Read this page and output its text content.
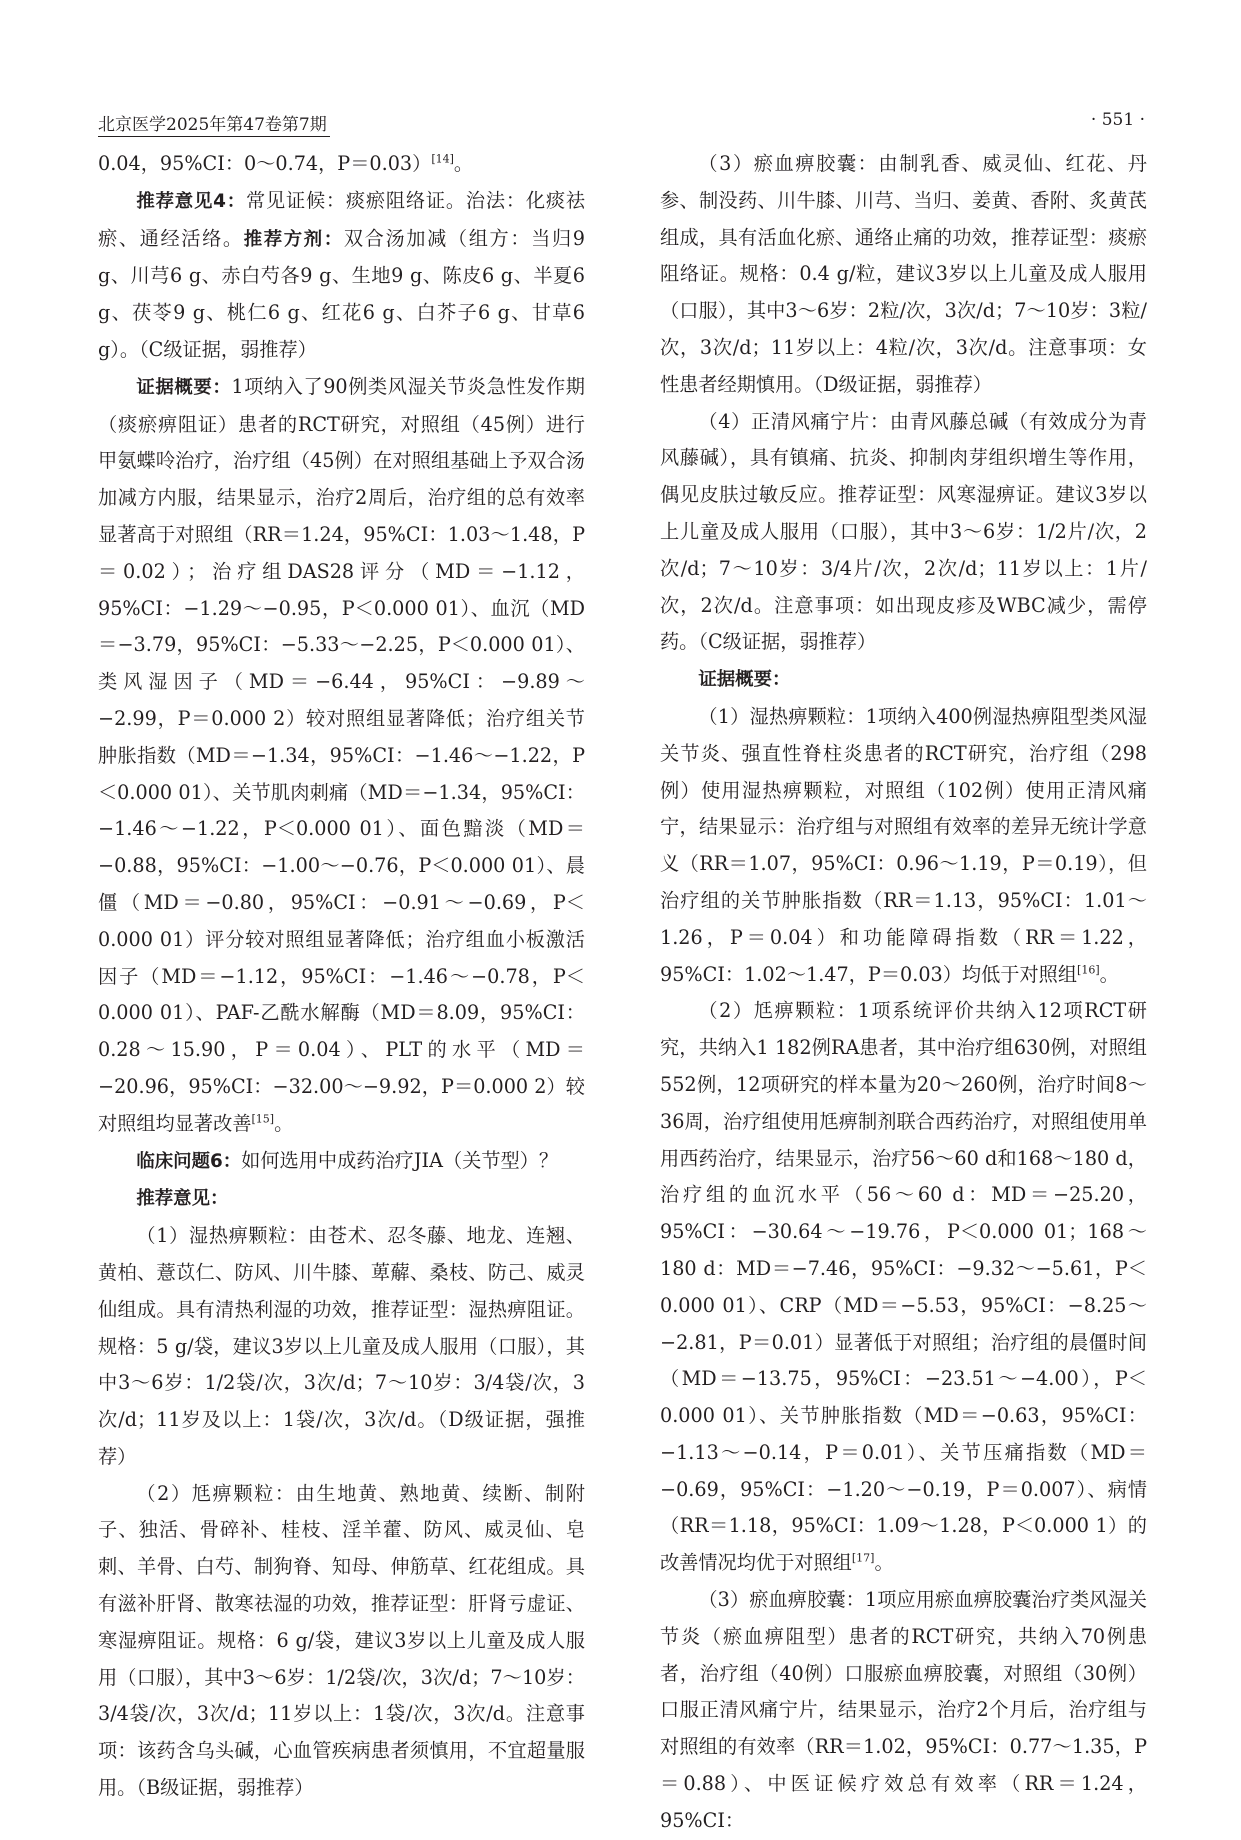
北京医学2025年第47卷第7期	· 551 ·

0.04，95%CI：0～0.74，P＝0.03）[14]。

推荐意见4：常见证候：痰瘀阻络证。治法：化痰祛瘀、通经活络。推荐方剂：双合汤加减（组方：当归9 g、川芎6 g、赤白芍各9 g、生地9 g、陈皮6 g、半夏6 g、茯苓9 g、桃仁6 g、红花6 g、白芥子6 g、甘草6 g）。（C级证据，弱推荐）

证据概要：1项纳入了90例类风湿关节炎急性发作期（痰瘀痹阻证）患者的RCT研究，对照组（45例）进行甲氨蝶呤治疗，治疗组（45例）在对照组基础上予双合汤加减方内服，结果显示，治疗2周后，治疗组的总有效率显著高于对照组（RR＝1.24，95%CI：1.03～1.48，P＝0.02）；治疗组DAS28评分（MD＝−1.12，95%CI：−1.29～−0.95，P＜0.000 01）、血沉（MD＝−3.79，95%CI：−5.33～−2.25，P＜0.000 01）、类风湿因子（MD＝−6.44，95%CI：−9.89～−2.99，P＝0.000 2）较对照组显著降低；治疗组关节肿胀指数（MD＝−1.34，95%CI：−1.46～−1.22，P＜0.000 01）、关节肌肉刺痛（MD＝−1.34，95%CI：−1.46～−1.22，P＜0.000 01）、面色黯淡（MD＝−0.88，95%CI：−1.00～−0.76，P＜0.000 01）、晨僵（MD＝−0.80，95%CI：−0.91～−0.69，P＜0.000 01）评分较对照组显著降低；治疗组血小板激活因子（MD＝−1.12，95%CI：−1.46～−0.78，P＜0.000 01）、PAF-乙酰水解酶（MD＝8.09，95%CI：0.28～15.90，P＝0.04）、PLT的水平（MD＝−20.96，95%CI：−32.00～−9.92，P＝0.000 2）较对照组均显著改善[15]。

临床问题6：如何选用中成药治疗JIA（关节型）？

推荐意见：

（1）湿热痹颗粒：由苍术、忍冬藤、地龙、连翘、黄柏、薏苡仁、防风、川牛膝、萆薢、桑枝、防己、威灵仙组成。具有清热利湿的功效，推荐证型：湿热痹阻证。规格：5 g/袋，建议3岁以上儿童及成人服用（口服），其中3～6岁：1/2袋/次，3次/d；7～10岁：3/4袋/次，3次/d；11岁及以上：1袋/次，3次/d。（D级证据，强推荐）

（2）尪痹颗粒：由生地黄、熟地黄、续断、制附子、独活、骨碎补、桂枝、淫羊藿、防风、威灵仙、皂刺、羊骨、白芍、制狗脊、知母、伸筋草、红花组成。具有滋补肝肾、散寒祛湿的功效，推荐证型：肝肾亏虚证、寒湿痹阻证。规格：6 g/袋，建议3岁以上儿童及成人服用（口服），其中3～6岁：1/2袋/次，3次/d；7～10岁：3/4袋/次，3次/d；11岁以上：1袋/次，3次/d。注意事项：该药含乌头碱，心血管疾病患者须慎用，不宜超量服用。（B级证据，弱推荐）

（3）瘀血痹胶囊：由制乳香、威灵仙、红花、丹参、制没药、川牛膝、川芎、当归、姜黄、香附、炙黄芪组成，具有活血化瘀、通络止痛的功效，推荐证型：痰瘀阻络证。规格：0.4 g/粒，建议3岁以上儿童及成人服用（口服），其中3～6岁：2粒/次，3次/d；7～10岁：3粒/次，3次/d；11岁以上：4粒/次，3次/d。注意事项：女性患者经期慎用。（D级证据，弱推荐）

（4）正清风痛宁片：由青风藤总碱（有效成分为青风藤碱），具有镇痛、抗炎、抑制肉芽组织增生等作用，偶见皮肤过敏反应。推荐证型：风寒湿痹证。建议3岁以上儿童及成人服用（口服），其中3～6岁：1/2片/次，2次/d；7～10岁：3/4片/次，2次/d；11岁以上：1片/次，2次/d。注意事项：如出现皮疹及WBC减少，需停药。（C级证据，弱推荐）

证据概要：

（1）湿热痹颗粒：1项纳入400例湿热痹阻型类风湿关节炎、强直性脊柱炎患者的RCT研究，治疗组（298例）使用湿热痹颗粒，对照组（102例）使用正清风痛宁，结果显示：治疗组与对照组有效率的差异无统计学意义（RR＝1.07，95%CI：0.96～1.19，P＝0.19），但治疗组的关节肿胀指数（RR＝1.13，95%CI：1.01～1.26，P＝0.04）和功能障碍指数（RR＝1.22，95%CI：1.02～1.47，P＝0.03）均低于对照组[16]。

（2）尪痹颗粒：1项系统评价共纳入12项RCT研究，共纳入1 182例RA患者，其中治疗组630例，对照组552例，12项研究的样本量为20～260例，治疗时间8～36周，治疗组使用尪痹制剂联合西药治疗，对照组使用单用西药治疗，结果显示，治疗56～60 d和168～180 d，治疗组的血沉水平（56～60 d：MD＝−25.20，95%CI：−30.64～−19.76，P＜0.000 01；168～180 d：MD＝−7.46，95%CI：−9.32～−5.61，P＜0.000 01）、CRP（MD＝−5.53，95%CI：−8.25～−2.81，P＝0.01）显著低于对照组；治疗组的晨僵时间（MD＝−13.75，95%CI：−23.51～−4.00），P＜0.000 01）、关节肿胀指数（MD＝−0.63，95%CI：−1.13～−0.14，P＝0.01）、关节压痛指数（MD＝−0.69，95%CI：−1.20～−0.19，P＝0.007）、病情（RR＝1.18，95%CI：1.09～1.28，P＜0.000 1）的改善情况均优于对照组[17]。

（3）瘀血痹胶囊：1项应用瘀血痹胶囊治疗类风湿关节炎（瘀血痹阻型）患者的RCT研究，共纳入70例患者，治疗组（40例）口服瘀血痹胶囊，对照组（30例）口服正清风痛宁片，结果显示，治疗2个月后，治疗组与对照组的有效率（RR＝1.02，95%CI：0.77～1.35，P＝0.88）、中医证候疗效总有效率（RR＝1.24，95%CI：
